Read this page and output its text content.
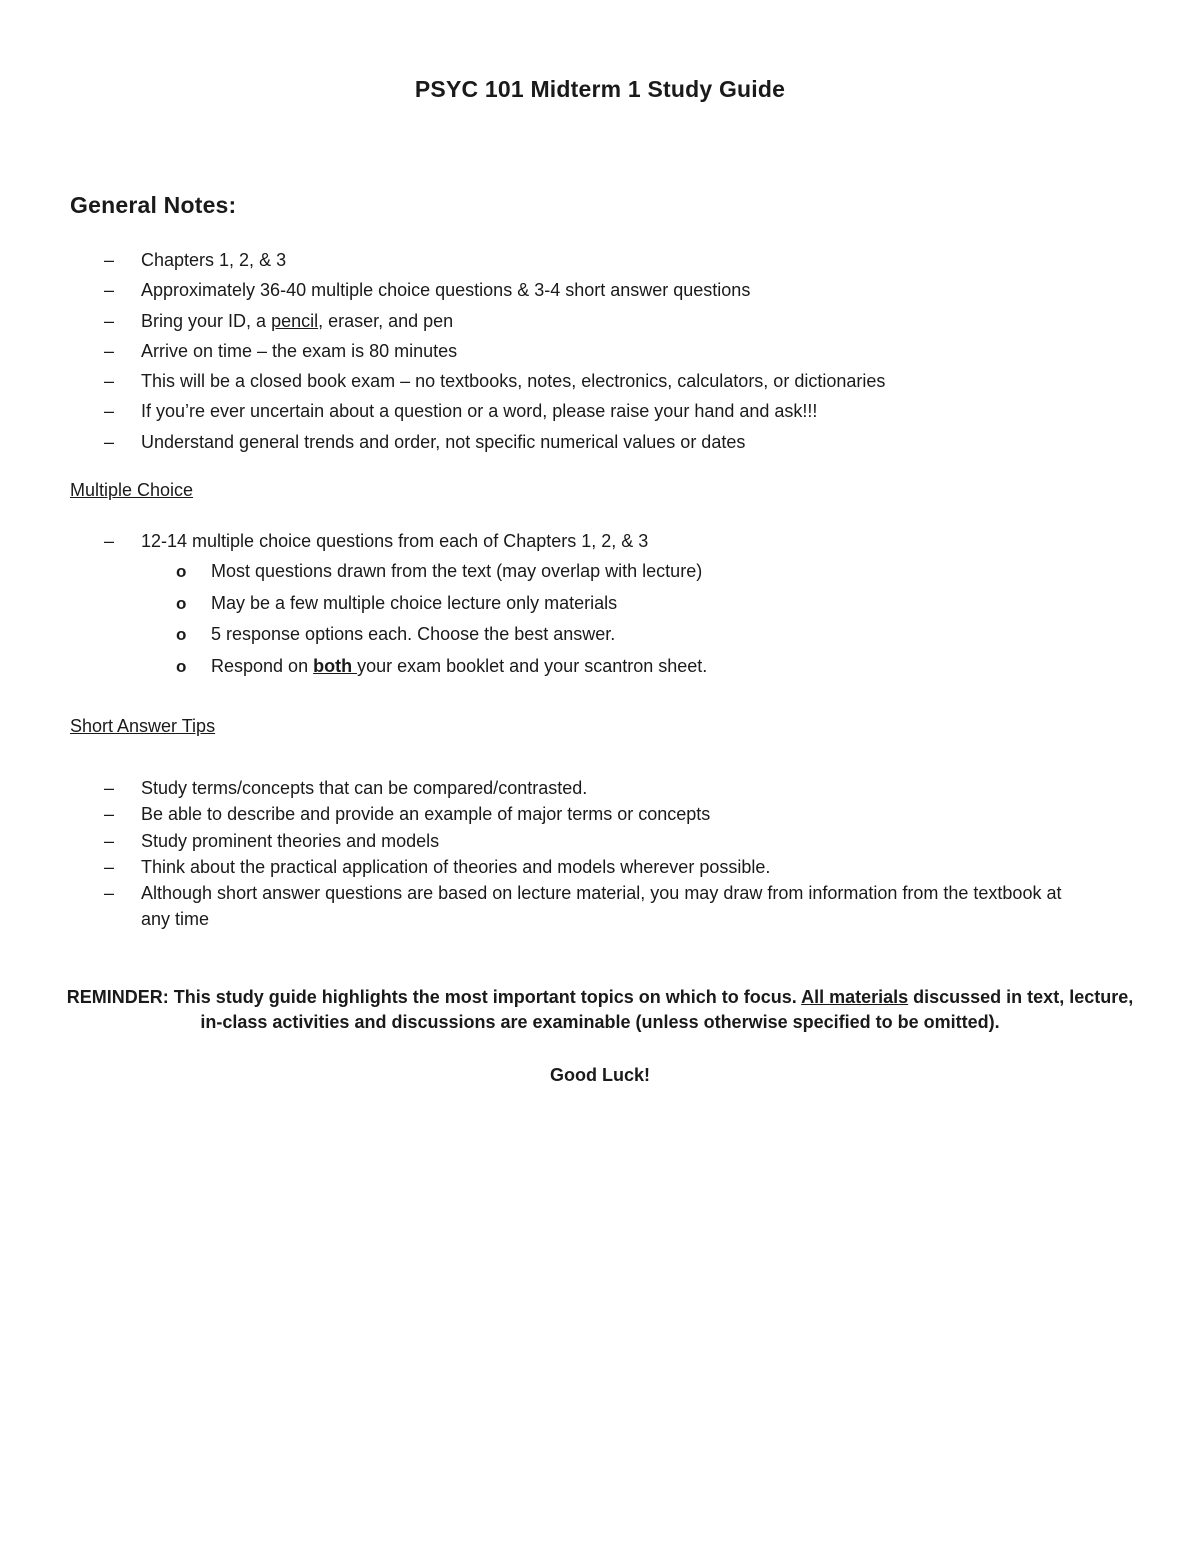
PSYC 101 Midterm 1 Study Guide
General Notes:
– Chapters 1, 2, & 3
– Approximately 36-40 multiple choice questions & 3-4 short answer questions
– Bring your ID, a pencil, eraser, and pen
– Arrive on time – the exam is 80 minutes
– This will be a closed book exam – no textbooks, notes, electronics, calculators, or dictionaries
– If you’re ever uncertain about a question or a word, please raise your hand and ask!!!
– Understand general trends and order, not specific numerical values or dates
Multiple Choice
– 12-14 multiple choice questions from each of Chapters 1, 2, & 3
o Most questions drawn from the text (may overlap with lecture)
o May be a few multiple choice lecture only materials
o 5 response options each. Choose the best answer.
o Respond on both your exam booklet and your scantron sheet.
Short Answer Tips
– Study terms/concepts that can be compared/contrasted.
– Be able to describe and provide an example of major terms or concepts
– Study prominent theories and models
– Think about the practical application of theories and models wherever possible.
– Although short answer questions are based on lecture material, you may draw from information from the textbook at any time
REMINDER: This study guide highlights the most important topics on which to focus. All materials discussed in text, lecture, in-class activities and discussions are examinable (unless otherwise specified to be omitted).
Good Luck!
